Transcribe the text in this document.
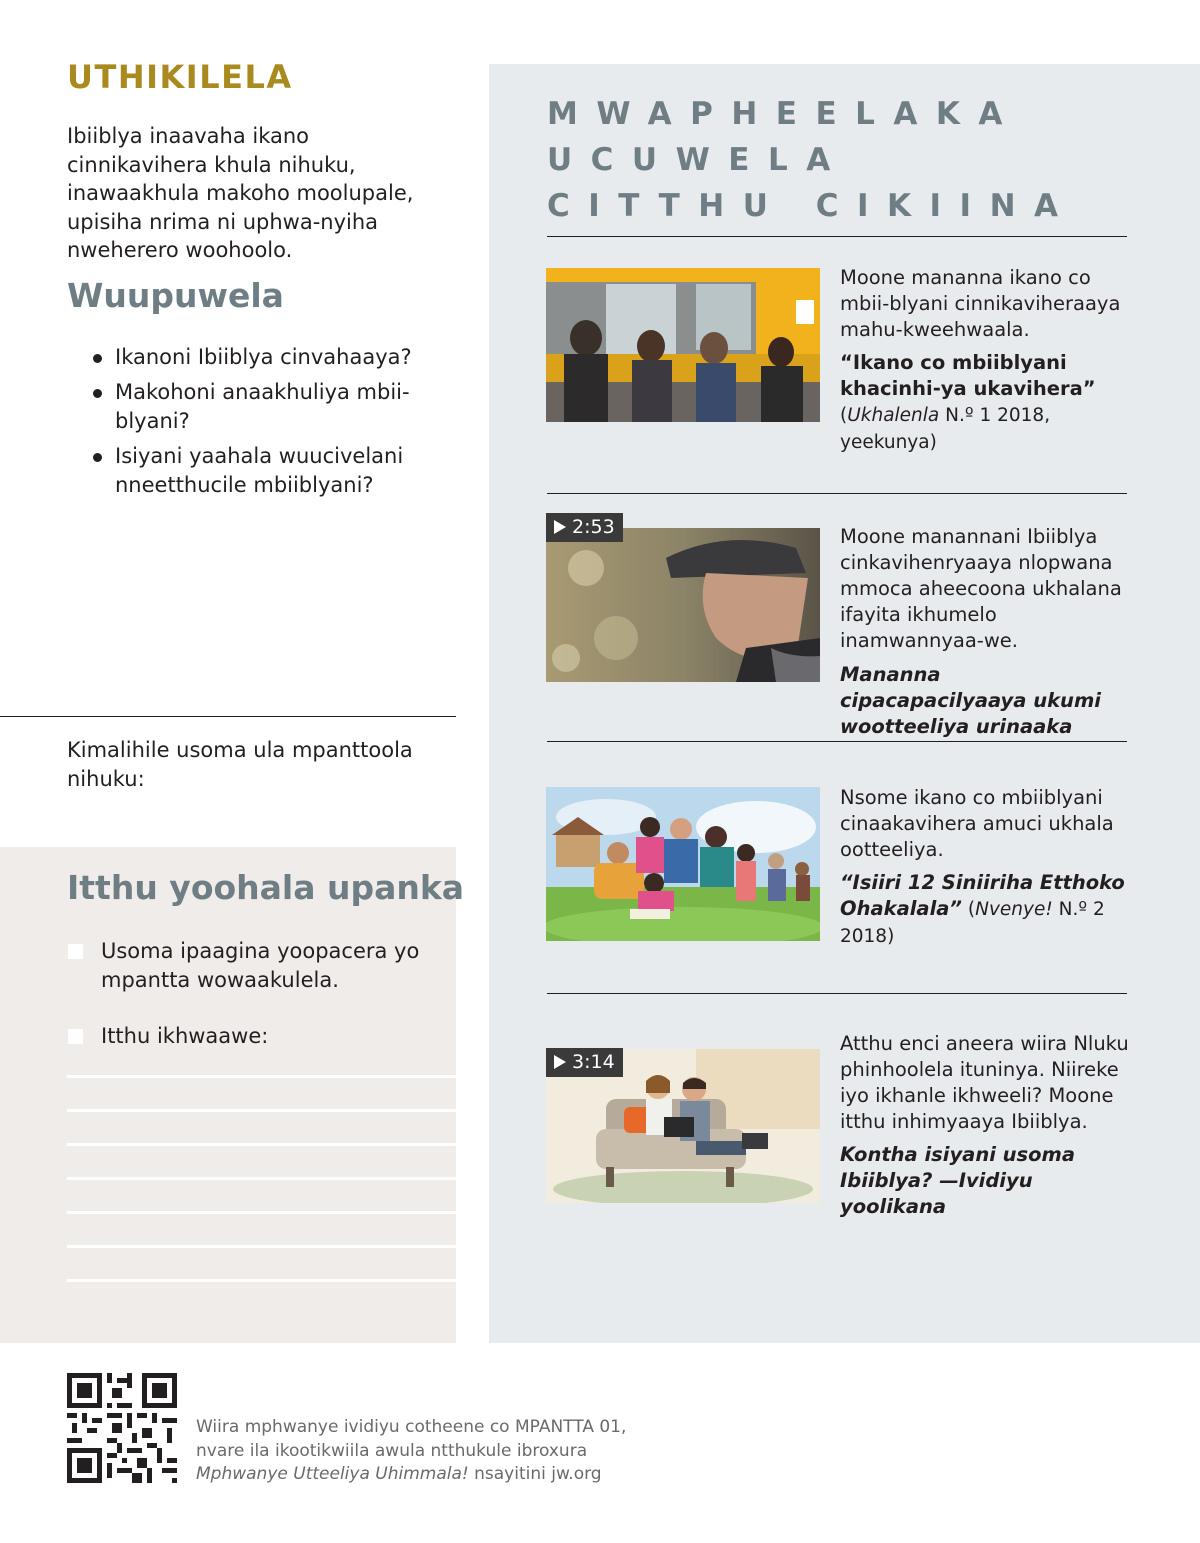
UTHIKILELA

Ibiiblya inaavaha ikano cinnikavihera khula nihuku, inawaakhula makoho moolupale, upisiha nrima ni uphwa-nyiha nweherero woohoolo.

Wuupuwela
Ikanoni Ibiiblya cinvahaaya?
Makohoni anaakhuliya mbii-blyani?
Isiyani yaahala wuucivelani nneetthucile mbiiblyani?

Kimalihile usoma ula mpanttoola nihuku:

Itthu yoohala upanka
Usoma ipaagina yoopacera yo mpantta wowaakulela.
Itthu ikhwaawe:
MWAPHEELAKA UCUWELA CITTHU CIKIINA

Moone mananna ikano co mbii-blyani cinnikaviheraaya mahu-kweehwaala.

“Ikano co mbiiblyani khacinhi-ya ukavihera”
(Ukhalenla N.º 1 2018, yeekunya)

2:53	Moone manannani Ibiiblya cinkavihenryaaya nlopwana mmoca aheecoona ukhalana ifayita ikhumelo inamwannyaa-we.

Mananna cipacapacilyaaya ukumi wootteeliya urinaaka

Nsome ikano co mbiiblyani cinaakavihera amuci ukhala ootteeliya.

“Isiiri 12 Siniiriha Etthoko Ohakalala” (Nvenye! N.º 2 2018)

3:14

Atthu enci aneera wiira Nluku phinhoolela ituninya. Niireke iyo ikhanle ikhweeli? Moone itthu inhimyaaya Ibiiblya.

Kontha isiyani usoma Ibiiblya? —Ividiyu yoolikana

Wiira mphwanye ividiyu cotheene co MPANTTA 01,
nvare ila ikootikwiila awula ntthukule ibroxura
Mphwanye Utteeliya Uhimmala! nsayitini jw.org
